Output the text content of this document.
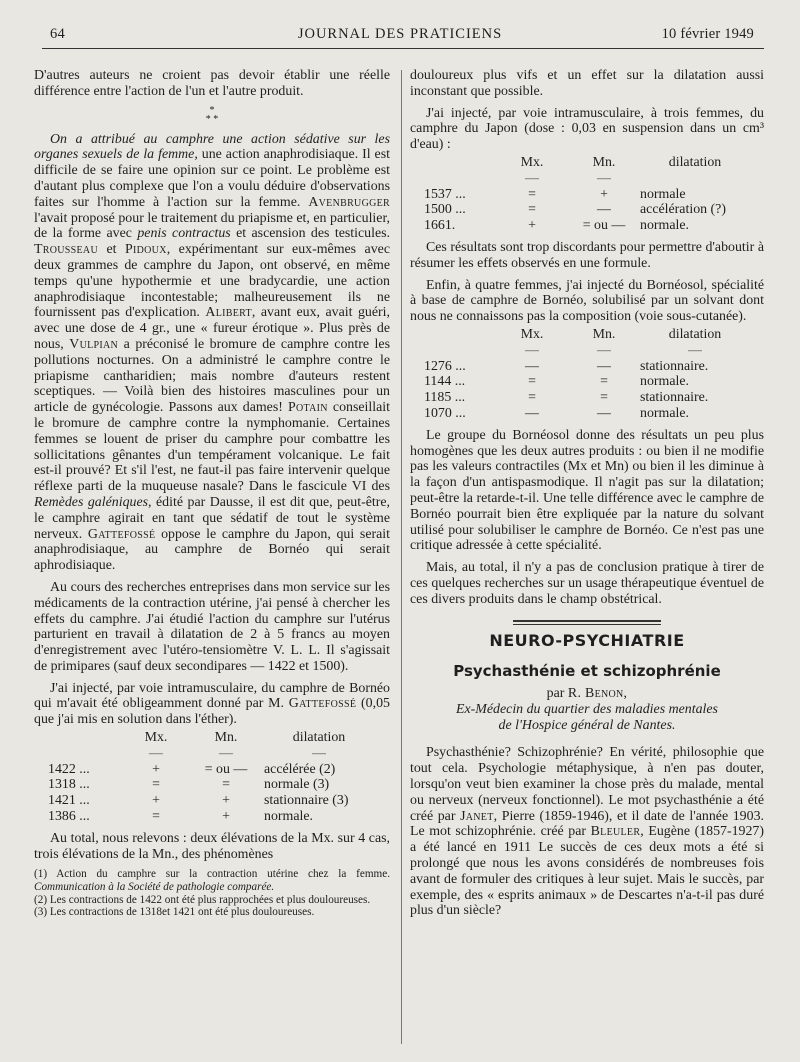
64	JOURNAL DES PRATICIENS	10 février 1949

D'autres auteurs ne croient pas devoir établir une réelle différence entre l'action de l'un et l'autre produit.

*
* *

On a attribué au camphre une action sédative sur les organes sexuels de la femme, une action anaphrodisiaque. Il est difficile de se faire une opinion sur ce point. Le problème est d'autant plus complexe que l'on a voulu déduire d'observations faites sur l'homme à l'action sur la femme. Avenbrugger l'avait proposé pour le traitement du priapisme et, en particulier, de la forme avec penis contractus et ascension des testicules. Trousseau et Pidoux, expérimentant sur eux-mêmes avec deux grammes de camphre du Japon, ont observé, en même temps qu'une hypothermie et une bradycardie, une action anaphrodisiaque incontestable; malheureusement ils ne fournissent pas d'explication. Alibert, avant eux, avait guéri, avec une dose de 4 gr., une « fureur érotique ». Plus près de nous, Vulpian a préconisé le bromure de camphre contre les pollutions nocturnes. On a administré le camphre contre le priapisme cantharidien; mais nombre d'auteurs restent sceptiques. — Voilà bien des histoires masculines pour un article de gynécologie. Passons aux dames! Potain conseillait le bromure de camphre contre la nymphomanie. Certaines femmes se louent de priser du camphre pour combattre les sollicitations gênantes d'un tempérament volcanique. Le fait est-il prouvé? Et s'il l'est, ne faut-il pas faire intervenir quelque réflexe parti de la muqueuse nasale? Dans le fascicule VI des Remèdes galéniques, édité par Dausse, il est dit que, peut-être, le camphre agirait en tant que sédatif de tout le système nerveux. Gattefossé oppose le camphre du Japon, qui serait anaphrodisiaque, au camphre de Bornéo qui serait aphrodisiaque.

Au cours des recherches entreprises dans mon service sur les médicaments de la contraction utérine, j'ai pensé à chercher les effets du camphre. J'ai étudié l'action du camphre sur l'utérus parturient en travail à dilatation de 2 à 5 francs au moyen d'enregistrement avec l'utéro-tensiomètre V. L. L. Il s'agissait de primipares (sauf deux secondipares — 1422 et 1500).

J'ai injecté, par voie intramusculaire, du camphre de Bornéo qui m'avait été obligeamment donné par M. Gattefossé (0,05 que j'ai mis en solution dans l'éther).

	Mx.	Mn.	dilatation
	—	—	—
1422 ...	+	= ou —	accélérée (2)
1318 ...	=	=	normale (3)
1421 ...	+	+	stationnaire (3)
1386 ...	=	+	normale.

Au total, nous relevons : deux élévations de la Mx. sur 4 cas, trois élévations de la Mn., des phénomènes

(1) Action du camphre sur la contraction utérine chez la femme. Communication à la Société de pathologie comparée.
(2) Les contractions de 1422 ont été plus rapprochées et plus douloureuses.
(3) Les contractions de 1318et 1421 ont été plus douloureuses.

douloureux plus vifs et un effet sur la dilatation aussi inconstant que possible.

J'ai injecté, par voie intramusculaire, à trois femmes, du camphre du Japon (dose : 0,03 en suspension dans un cm³ d'eau) :

	Mx.	Mn.	dilatation
	—	—	
1537 ...	=	+	normale
1500 ...	=	—	accélération (?)
1661.	+	= ou —	normale.

Ces résultats sont trop discordants pour permettre d'aboutir à résumer les effets observés en une formule.

Enfin, à quatre femmes, j'ai injecté du Bornéosol, spécialité à base de camphre de Bornéo, solubilisé par un solvant dont nous ne connaissons pas la composition (voie sous-cutanée).

	Mx.	Mn.	dilatation
	—	—	—
1276 ...	—	—	stationnaire.
1144 ...	=	=	normale.
1185 ...	=	=	stationnaire.
1070 ...	—	—	normale.

Le groupe du Bornéosol donne des résultats un peu plus homogènes que les deux autres produits : ou bien il ne modifie pas les valeurs contractiles (Mx et Mn) ou bien il les diminue à la façon d'un antispasmodique. Il n'agit pas sur la dilatation; peut-être la retarde-t-il. Une telle différence avec le camphre de Bornéo pourrait bien être expliquée par la nature du solvant utilisé pour solubiliser le camphre de Bornéo. Ce n'est pas une critique adressée à cette spécialité.

Mais, au total, il n'y a pas de conclusion pratique à tirer de ces quelques recherches sur un usage thérapeutique éventuel de ces divers produits dans le champ obstétrical.

NEURO-PSYCHIATRIE
Psychasthénie et schizophrénie

par R. Benon,

Ex-Médecin du quartier des maladies mentales
de l'Hospice général de Nantes.

Psychasthénie? Schizophrénie? En vérité, philosophie que tout cela. Psychologie métaphysique, à n'en pas douter, lorsqu'on veut bien examiner la chose près du malade, mental ou nerveux (nerveux fonctionnel). Le mot psychasthénie a été créé par Janet, Pierre (1859-1946), et il date de l'année 1903. Le mot schizophrénie. créé par Bleuler, Eugène (1857-1927) a été lancé en 1911 Le succès de ces deux mots a été si prolongé que nous les avons considérés de nombreuses fois avant de formuler des critiques à leur sujet. Mais le succès, par exemple, des « esprits animaux » de Descartes n'a-t-il pas duré plus d'un siècle?
